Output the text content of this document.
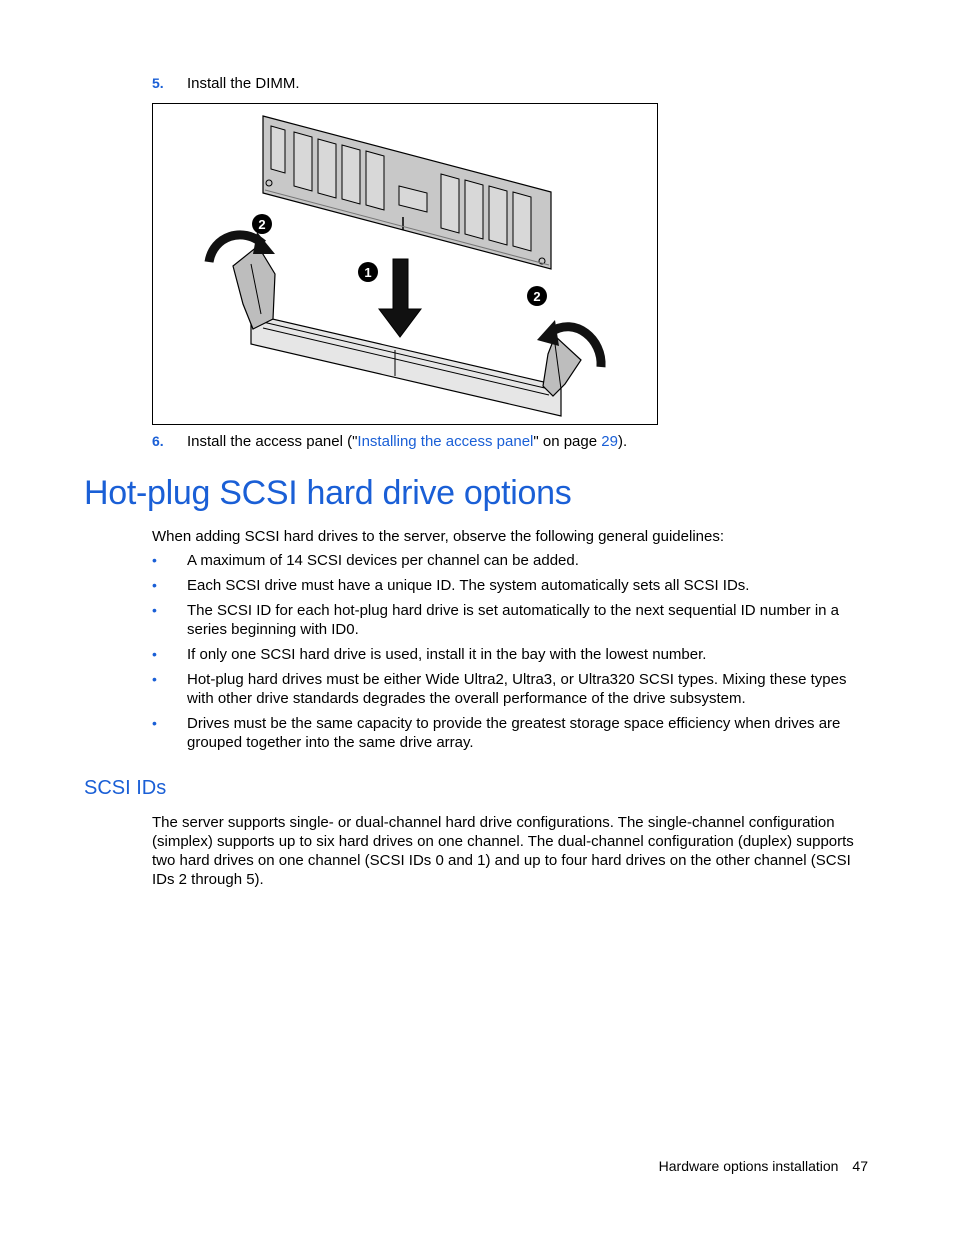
5. Install the DIMM.
2
1
2
6. Install the access panel ("Installing the access panel" on page 29).
Hot-plug SCSI hard drive options
When adding SCSI hard drives to the server, observe the following general guidelines:
• A maximum of 14 SCSI devices per channel can be added.
• Each SCSI drive must have a unique ID. The system automatically sets all SCSI IDs.
• The SCSI ID for each hot-plug hard drive is set automatically to the next sequential ID number in a series beginning with ID0.
• If only one SCSI hard drive is used, install it in the bay with the lowest number.
• Hot-plug hard drives must be either Wide Ultra2, Ultra3, or Ultra320 SCSI types. Mixing these types with other drive standards degrades the overall performance of the drive subsystem.
• Drives must be the same capacity to provide the greatest storage space efficiency when drives are grouped together into the same drive array.
SCSI IDs
The server supports single- or dual-channel hard drive configurations. The single-channel configuration (simplex) supports up to six hard drives on one channel. The dual-channel configuration (duplex) supports two hard drives on one channel (SCSI IDs 0 and 1) and up to four hard drives on the other channel (SCSI IDs 2 through 5).
Hardware options installation 47
